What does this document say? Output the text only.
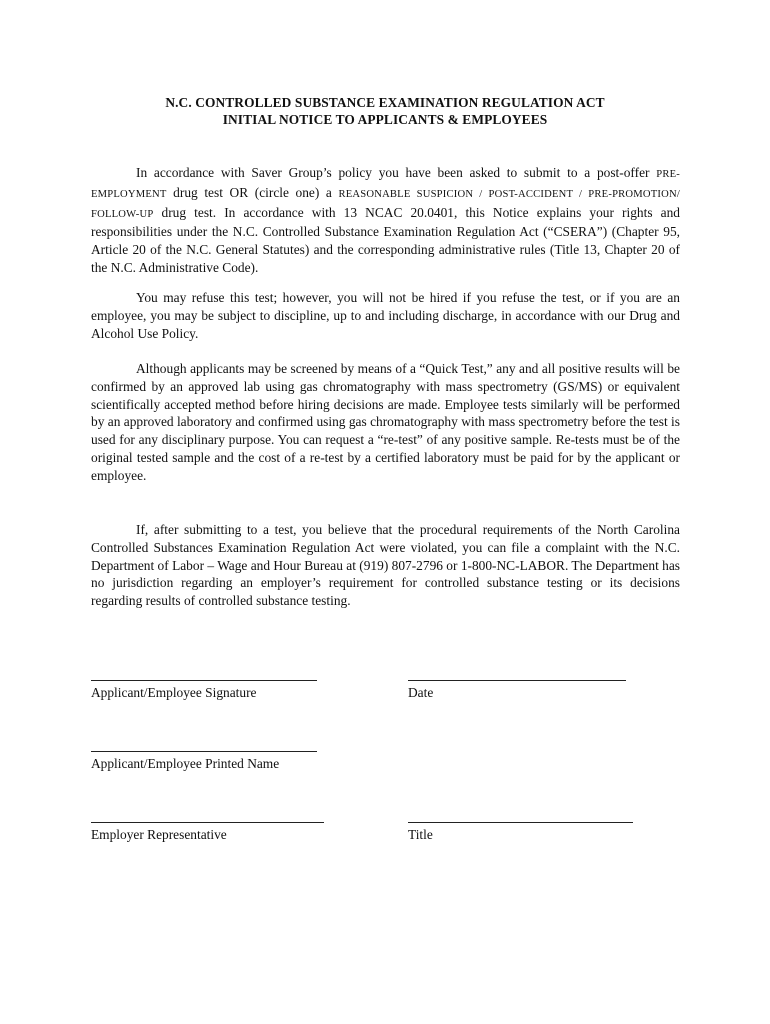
N.C. CONTROLLED SUBSTANCE EXAMINATION REGULATION ACT
INITIAL NOTICE TO APPLICANTS & EMPLOYEES

In accordance with Saver Group’s policy you have been asked to submit to a post-offer PRE-EMPLOYMENT drug test OR (circle one) a REASONABLE SUSPICION / POST-ACCIDENT / PRE-PROMOTION/ FOLLOW-UP drug test. In accordance with 13 NCAC 20.0401, this Notice explains your rights and responsibilities under the N.C. Controlled Substance Examination Regulation Act (“CSERA”) (Chapter 95, Article 20 of the N.C. General Statutes) and the corresponding administrative rules (Title 13, Chapter 20 of the N.C. Administrative Code).

You may refuse this test; however, you will not be hired if you refuse the test, or if you are an employee, you may be subject to discipline, up to and including discharge, in accordance with our Drug and Alcohol Use Policy.

Although applicants may be screened by means of a “Quick Test,” any and all positive results will be confirmed by an approved lab using gas chromatography with mass spectrometry (GS/MS) or equivalent scientifically accepted method before hiring decisions are made. Employee tests similarly will be performed by an approved laboratory and confirmed using gas chromatography with mass spectrometry before the test is used for any disciplinary purpose. You can request a “re-test” of any positive sample. Re-tests must be of the original tested sample and the cost of a re-test by a certified laboratory must be paid for by the applicant or employee.

If, after submitting to a test, you believe that the procedural requirements of the North Carolina Controlled Substances Examination Regulation Act were violated, you can file a complaint with the N.C. Department of Labor – Wage and Hour Bureau at (919) 807-2796 or 1-800-NC-LABOR. The Department has no jurisdiction regarding an employer’s requirement for controlled substance testing or its decisions regarding results of controlled substance testing.

Applicant/Employee Signature	Date
Applicant/Employee Printed Name
Employer Representative	Title
